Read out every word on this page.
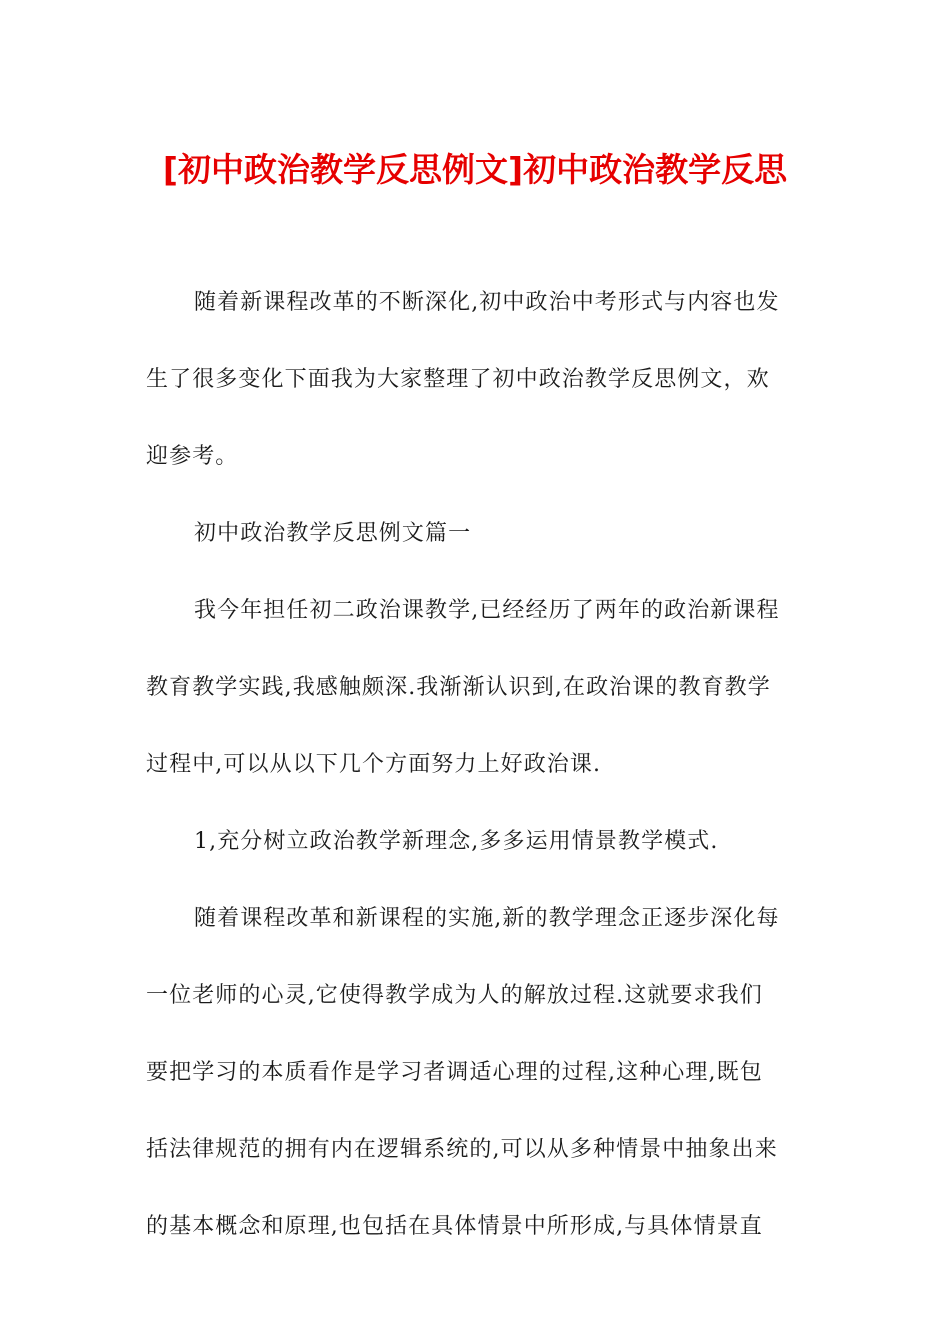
[初中政治教学反思例文]初中政治教学反思

随着新课程改革的不断深化,初中政治中考形式与内容也发
生了很多变化下面我为大家整理了初中政治教学反思例文，欢
迎参考。

初中政治教学反思例文篇一

我今年担任初二政治课教学,已经经历了两年的政治新课程
教育教学实践,我感触颇深.我渐渐认识到,在政治课的教育教学
过程中,可以从以下几个方面努力上好政治课.

1,充分树立政治教学新理念,多多运用情景教学模式.

随着课程改革和新课程的实施,新的教学理念正逐步深化每
一位老师的心灵,它使得教学成为人的解放过程.这就要求我们
要把学习的本质看作是学习者调适心理的过程,这种心理,既包
括法律规范的拥有内在逻辑系统的,可以从多种情景中抽象出来
的基本概念和原理,也包括在具体情景中所形成,与具体情景直
